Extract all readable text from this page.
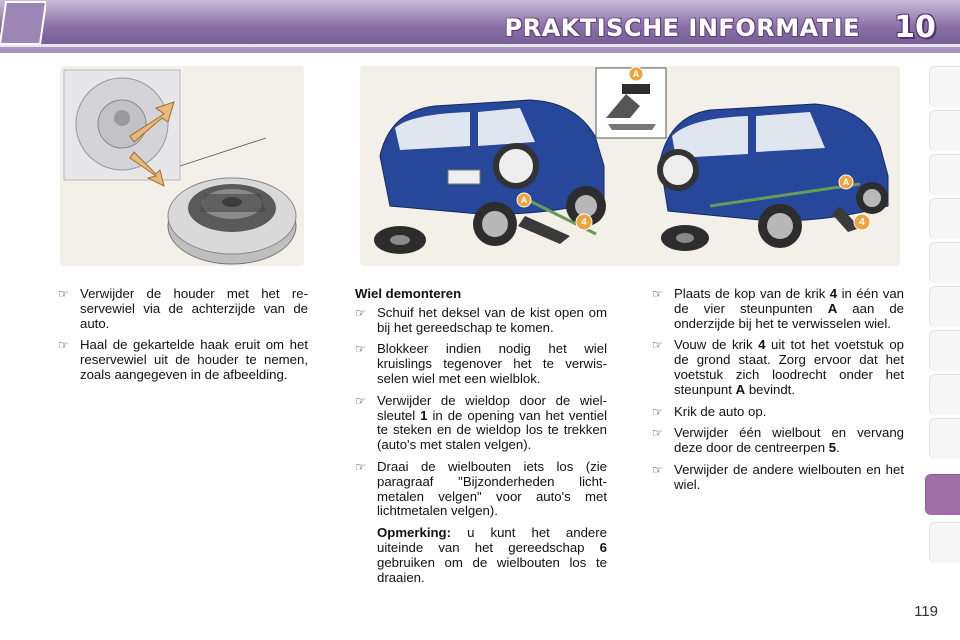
PRAKTISCHE INFORMATIE 10
A
A
A
4	4
☞ Verwijder de houder met het re-servewiel via de achterzijde van de auto.
☞ Haal de gekartelde haak eruit om het reservewiel uit de houder te nemen, zoals aangegeven in de afbeelding.
Wiel demonteren
☞ Schuif het deksel van de kist open om bij het gereedschap te komen.
☞ Blokkeer indien nodig het wiel kruislings tegenover het te verwis-selen wiel met een wielblok.
☞ Verwijder de wieldop door de wiel-sleutel 1 in de opening van het ventiel te steken en de wieldop los te trekken (auto's met stalen velgen).
☞ Draai de wielbouten iets los (zie paragraaf "Bijzonderheden licht-metalen velgen" voor auto's met lichtmetalen velgen).
Opmerking: u kunt het andere uiteinde van het gereedschap 6 gebruiken om de wielbouten los te draaien.
☞ Plaats de kop van de krik 4 in één van de vier steunpunten A aan de onderzijde bij het te verwisselen wiel.
☞ Vouw de krik 4 uit tot het voetstuk op de grond staat. Zorg ervoor dat het voetstuk zich loodrecht onder het steunpunt A bevindt.
☞ Krik de auto op.
☞ Verwijder één wielbout en vervang deze door de centreerpen 5.
☞ Verwijder de andere wielbouten en het wiel.
119
